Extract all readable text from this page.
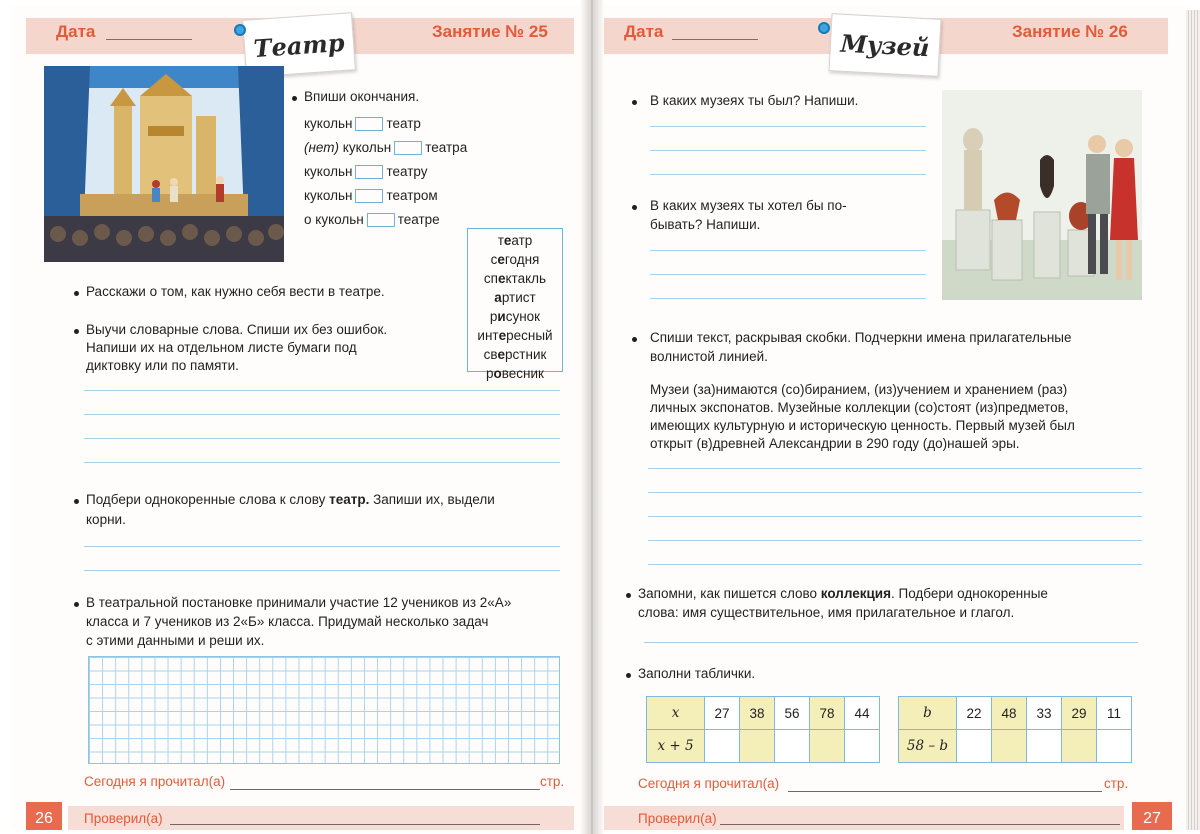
Дата	Театр	Занятие № 25
Впиши окончания.
кукольн	театр
(нет) кукольн	театра
кукольн	театру
кукольн	театром
о кукольн	театре
театр
сегодня
спектакль
артист
рисунок
интересный
сверстник
ровесник
Расскажи о том, как нужно себя вести в театре.
Выучи словарные слова. Спиши их без ошибок.
Напиши их на отдельном листе бумаги под
диктовку или по памяти.
Подбери однокоренные слова к слову театр. Запиши их, выдели
корни.
В театральной постановке принимали участие 12 учеников из 2«А»
класса и 7 учеников из 2«Б» класса. Придумай несколько задач
с этими данными и реши их.
Сегодня я прочитал(а)	стр.
Проверил(а)
26
Дата	Музей	Занятие № 26
В каких музеях ты был? Напиши.
В каких музеях ты хотел бы по-
бывать? Напиши.
Спиши текст, раскрывая скобки. Подчеркни имена прилагательные
волнистой линией.
Музеи (за)нимаются (со)биранием, (из)учением и хранением (раз)
личных экспонатов. Музейные коллекции (со)стоят (из)предметов,
имеющих культурную и историческую ценность. Первый музей был
открыт (в)древней Александрии в 290 году (до)нашей эры.
Запомни, как пишется слово коллекция. Подбери однокоренные
слова: имя существительное, имя прилагательное и глагол.
Заполни таблички.
x	27	38	56	78	44
x + 5					
b	22	48	33	29	11
58 – b					
Сегодня я прочитал(а)	стр.
Проверил(а)	27
